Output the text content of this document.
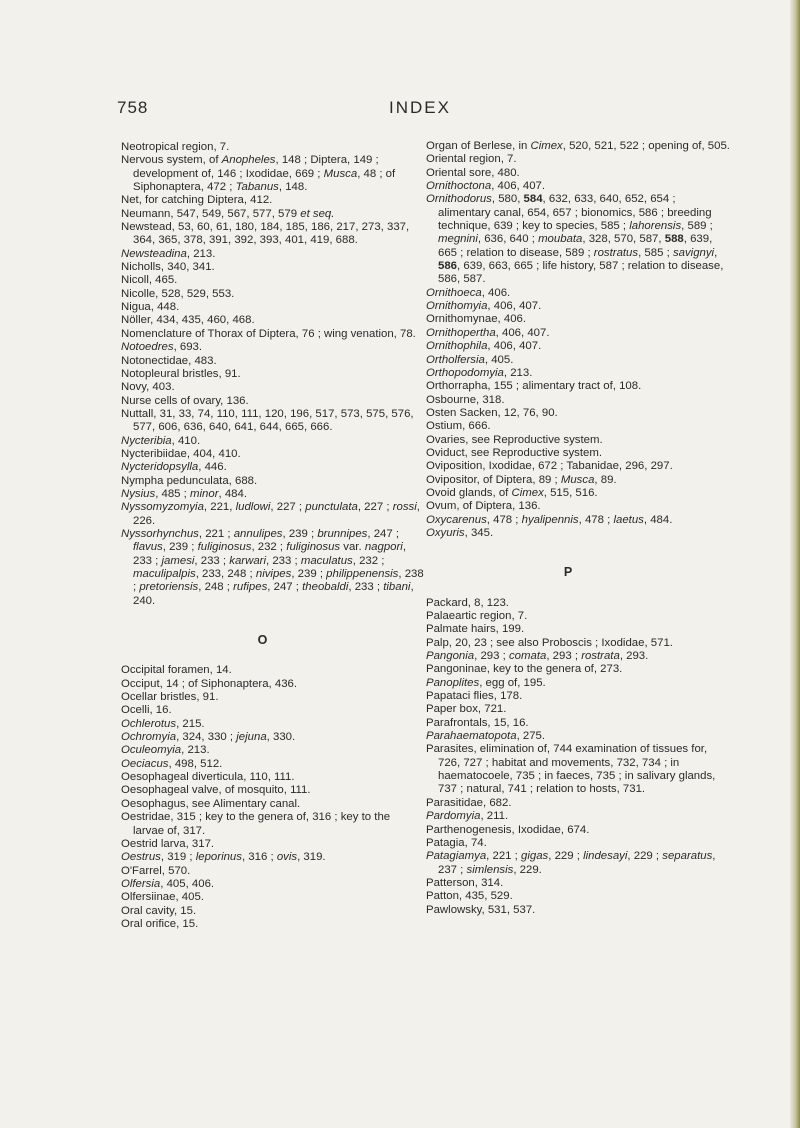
758	INDEX
Neotropical region, 7.
Nervous system, of Anopheles, 148 ; Diptera, 149 ; development of, 146 ; Ixodidae, 669 ; Musca, 48 ; of Siphonaptera, 472 ; Tabanus, 148.
Net, for catching Diptera, 412.
Neumann, 547, 549, 567, 577, 579 et seq.
Newstead, 53, 60, 61, 180, 184, 185, 186, 217, 273, 337, 364, 365, 378, 391, 392, 393, 401, 419, 688.
Newsteadina, 213.
Nicholls, 340, 341.
Nicoll, 465.
Nicolle, 528, 529, 553.
Nigua, 448.
Nöller, 434, 435, 460, 468.
Nomenclature of Thorax of Diptera, 76 ; wing venation, 78.
Notoedres, 693.
Notonectidae, 483.
Notopleural bristles, 91.
Novy, 403.
Nurse cells of ovary, 136.
Nuttall, 31, 33, 74, 110, 111, 120, 196, 517, 573, 575, 576, 577, 606, 636, 640, 641, 644, 665, 666.
Nycteribia, 410.
Nycteribiidae, 404, 410.
Nycteridopsylla, 446.
Nympha pedunculata, 688.
Nysius, 485 ; minor, 484.
Nyssomyzomyia, 221, ludlowi, 227 ; punctulata, 227 ; rossi, 226.
Nyssorhynchus, 221 ; annulipes, 239 ; brunnipes, 247 ; flavus, 239 ; fuliginosus, 232 ; fuliginosus var. nagpori, 233 ; jamesi, 233 ; karwari, 233 ; maculatus, 232 ; maculipalpis, 233, 248 ; nivipes, 239 ; philippenensis, 238 ; pretoriensis, 248 ; rufipes, 247 ; theobaldi, 233 ; tibani, 240.
O
Occipital foramen, 14.
Occiput, 14 ; of Siphonaptera, 436.
Ocellar bristles, 91.
Ocelli, 16.
Ochlerotus, 215.
Ochromyia, 324, 330 ; jejuna, 330.
Oculeomyia, 213.
Oeciacus, 498, 512.
Oesophageal diverticula, 110, 111.
Oesophageal valve, of mosquito, 111.
Oesophagus, see Alimentary canal.
Oestridae, 315 ; key to the genera of, 316 ; key to the larvae of, 317.
Oestrid larva, 317.
Oestrus, 319 ; leporinus, 316 ; ovis, 319.
O'Farrel, 570.
Olfersia, 405, 406.
Olfersiinae, 405.
Oral cavity, 15.
Oral orifice, 15.
Organ of Berlese, in Cimex, 520, 521, 522 ; opening of, 505.
Oriental region, 7.
Oriental sore, 480.
Ornithoctona, 406, 407.
Ornithodorus, 580, 584, 632, 633, 640, 652, 654 ; alimentary canal, 654, 657 ; bionomics, 586 ; breeding technique, 639 ; key to species, 585 ; lahorensis, 589 ; megnini, 636, 640 ; moubata, 328, 570, 587, 588, 639, 665 ; relation to disease, 589 ; rostratus, 585 ; savignyi, 586, 639, 663, 665 ; life history, 587 ; relation to disease, 586, 587.
Ornithoeca, 406.
Ornithomyia, 406, 407.
Ornithomynae, 406.
Ornithopertha, 406, 407.
Ornithophila, 406, 407.
Ortholfersia, 405.
Orthopodomyia, 213.
Orthorrapha, 155 ; alimentary tract of, 108.
Osbourne, 318.
Osten Sacken, 12, 76, 90.
Ostium, 666.
Ovaries, see Reproductive system.
Oviduct, see Reproductive system.
Oviposition, Ixodidae, 672 ; Tabanidae, 296, 297.
Ovipositor, of Diptera, 89 ; Musca, 89.
Ovoid glands, of Cimex, 515, 516.
Ovum, of Diptera, 136.
Oxycarenus, 478 ; hyalipennis, 478 ; laetus, 484.
Oxyuris, 345.
P
Packard, 8, 123.
Palaeartic region, 7.
Palmate hairs, 199.
Palp, 20, 23 ; see also Proboscis ; Ixodidae, 571.
Pangonia, 293 ; comata, 293 ; rostrata, 293.
Pangoninae, key to the genera of, 273.
Panoplites, egg of, 195.
Papataci flies, 178.
Paper box, 721.
Parafrontals, 15, 16.
Parahaematopota, 275.
Parasites, elimination of, 744 examination of tissues for, 726, 727 ; habitat and movements, 732, 734 ; in haematocoele, 735 ; in faeces, 735 ; in salivary glands, 737 ; natural, 741 ; relation to hosts, 731.
Parasitidae, 682.
Pardomyia, 211.
Parthenogenesis, Ixodidae, 674.
Patagia, 74.
Patagiamya, 221 ; gigas, 229 ; lindesayi, 229 ; separatus, 237 ; simlensis, 229.
Patterson, 314.
Patton, 435, 529.
Pawlowsky, 531, 537.
